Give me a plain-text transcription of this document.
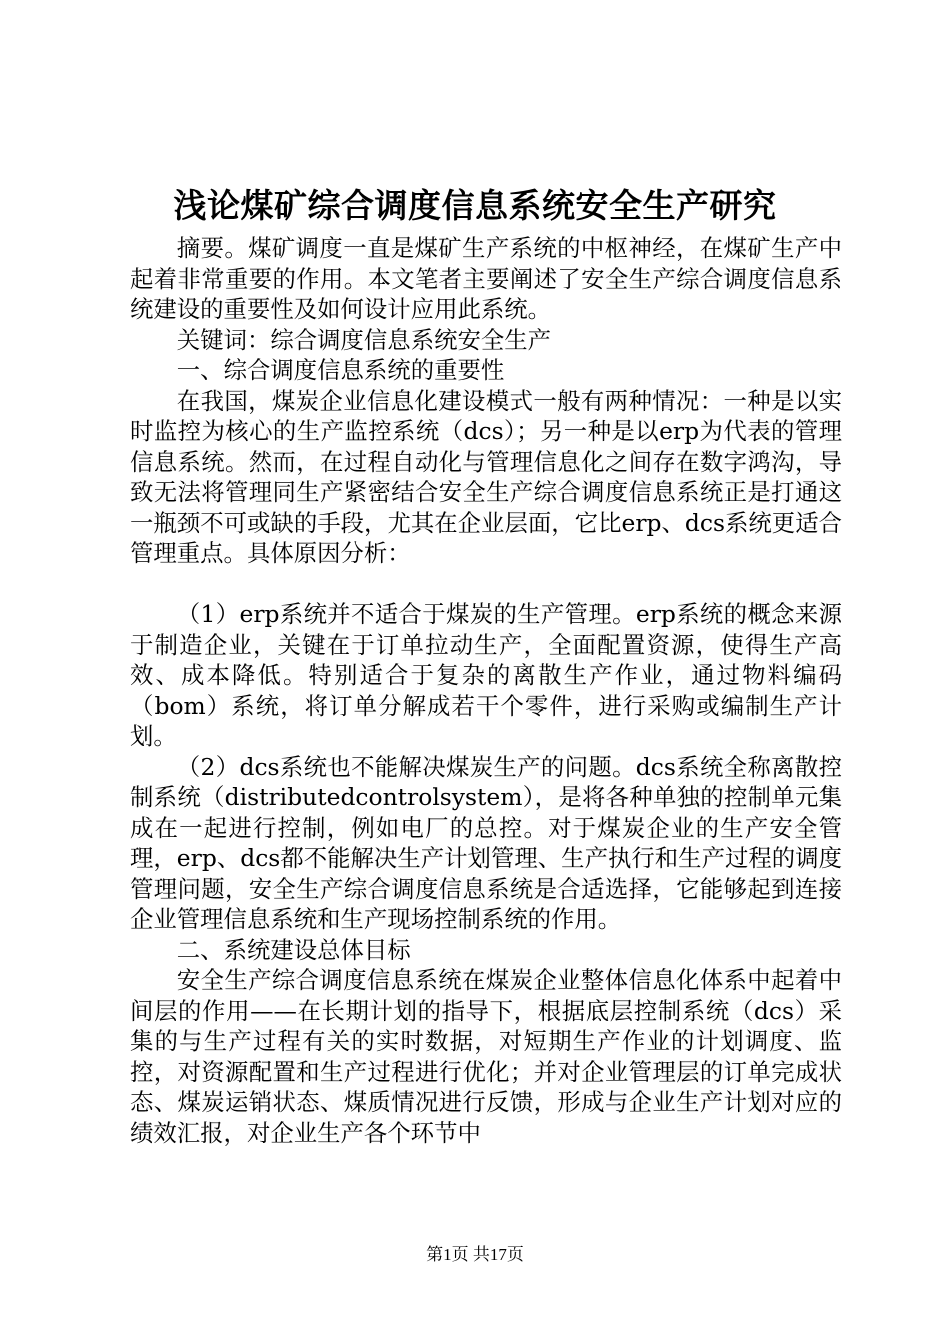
浅论煤矿综合调度信息系统安全生产研究

摘要。煤矿调度一直是煤矿生产系统的中枢神经，在煤矿生产中起着非常重要的作用。本文笔者主要阐述了安全生产综合调度信息系统建设的重要性及如何设计应用此系统。

关键词：综合调度信息系统安全生产

一、综合调度信息系统的重要性

在我国，煤炭企业信息化建设模式一般有两种情况：一种是以实时监控为核心的生产监控系统（dcs）；另一种是以erp为代表的管理信息系统。然而，在过程自动化与管理信息化之间存在数字鸿沟，导致无法将管理同生产紧密结合安全生产综合调度信息系统正是打通这一瓶颈不可或缺的手段，尤其在企业层面，它比erp、dcs系统更适合管理重点。具体原因分析：

（1）erp系统并不适合于煤炭的生产管理。erp系统的概念来源于制造企业，关键在于订单拉动生产，全面配置资源，使得生产高效、成本降低。特别适合于复杂的离散生产作业，通过物料编码（bom）系统，将订单分解成若干个零件，进行采购或编制生产计划。

（2）dcs系统也不能解决煤炭生产的问题。dcs系统全称离散控制系统（distributedcontrolsystem），是将各种单独的控制单元集成在一起进行控制，例如电厂的总控。对于煤炭企业的生产安全管理，erp、dcs都不能解决生产计划管理、生产执行和生产过程的调度管理问题，安全生产综合调度信息系统是合适选择，它能够起到连接企业管理信息系统和生产现场控制系统的作用。

二、系统建设总体目标

安全生产综合调度信息系统在煤炭企业整体信息化体系中起着中间层的作用——在长期计划的指导下，根据底层控制系统（dcs）采集的与生产过程有关的实时数据，对短期生产作业的计划调度、监控，对资源配置和生产过程进行优化；并对企业管理层的订单完成状态、煤炭运销状态、煤质情况进行反馈，形成与企业生产计划对应的绩效汇报，对企业生产各个环节中

第1页 共17页
